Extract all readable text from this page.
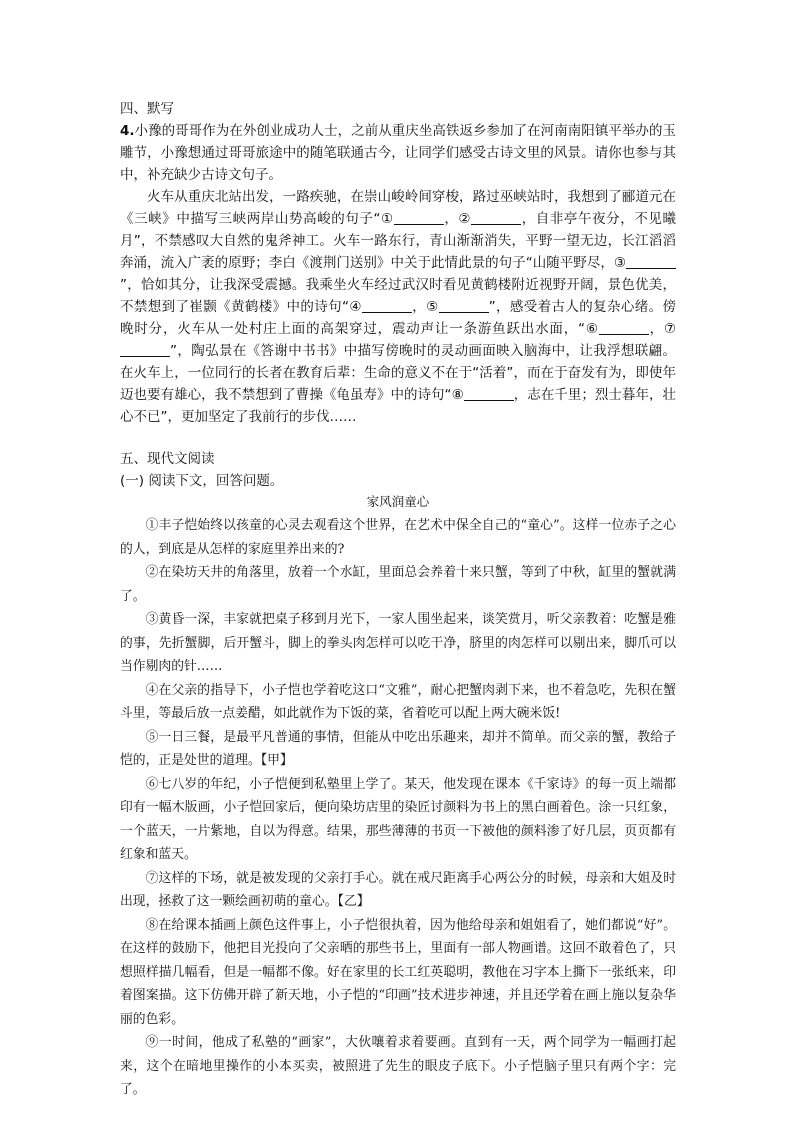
四、默写

4.小豫的哥哥作为在外创业成功人士，之前从重庆坐高铁返乡参加了在河南南阳镇平举办的玉雕节，小豫想通过哥哥旅途中的随笔联通古今，让同学们感受古诗文里的风景。请你也参与其中，补充缺少古诗文句子。

火车从重庆北站出发，一路疾驰，在崇山峻岭间穿梭，路过巫峡站时，我想到了郦道元在《三峡》中描写三峡两岸山势高峻的句子“①	，②	，自非亭午夜分，不见曦月”，不禁感叹大自然的鬼斧神工。火车一路东行，青山渐渐消失，平野一望无边，长江滔滔奔涌，流入广袤的原野；李白《渡荆门送别》中关于此情此景的句子“山随平野尽，③”，恰如其分，让我深受震撼。我乘坐火车经过武汉时看见黄鹤楼附近视野开阔，景色优美，不禁想到了崔颢《黄鹤楼》中的诗句“④	，⑤	”，感受着古人的复杂心绪。傍晚时分，火车从一处村庄上面的高架穿过，震动声让一条游鱼跃出水面，“⑥	，⑦”，陶弘景在《答谢中书书》中描写傍晚时的灵动画面映入脑海中，让我浮想联翩。在火车上，一位同行的长者在教育后辈：生命的意义不在于“活着”，而在于奋发有为，即使年迈也要有雄心，我不禁想到了曹操《龟虽寿》中的诗句“⑧	，志在千里；烈士暮年，壮心不已”，更加坚定了我前行的步伐……

五、现代文阅读
(一) 阅读下文，回答问题。
家风润童心

①丰子恺始终以孩童的心灵去观看这个世界，在艺术中保全自己的“童心”。这样一位赤子之心的人，到底是从怎样的家庭里养出来的?

②在染坊天井的角落里，放着一个水缸，里面总会养着十来只蟹，等到了中秋，缸里的蟹就满了。

③黄昏一深，丰家就把桌子移到月光下，一家人围坐起来，谈笑赏月，听父亲教着：吃蟹是雅的事，先折蟹脚，后开蟹斗，脚上的拳头肉怎样可以吃干净，脐里的肉怎样可以剔出来，脚爪可以当作剔肉的针……

④在父亲的指导下，小子恺也学着吃这口“文雅”，耐心把蟹肉剥下来，也不着急吃，先积在蟹斗里，等最后放一点姜醋，如此就作为下饭的菜，省着吃可以配上两大碗米饭!

⑤一日三餐，是最平凡普通的事情，但能从中吃出乐趣来，却并不简单。而父亲的蟹，教给子恺的，正是处世的道理。【甲】

⑥七八岁的年纪，小子恺便到私塾里上学了。某天，他发现在课本《千家诗》的每一页上端都印有一幅木版画，小子恺回家后，便向染坊店里的染匠讨颜料为书上的黑白画着色。涂一只红象，一个蓝天，一片紫地，自以为得意。结果，那些薄薄的书页一下被他的颜料渗了好几层，页页都有红象和蓝天。

⑦这样的下场，就是被发现的父亲打手心。就在戒尺距离手心两公分的时候，母亲和大姐及时出现，拯救了这一颗绘画初萌的童心。【乙】

⑧在给课本插画上颜色这件事上，小子恺很执着，因为他给母亲和姐姐看了，她们都说“好”。在这样的鼓励下，他把目光投向了父亲晒的那些书上，里面有一部人物画谱。这回不敢着色了，只想照样描几幅看，但是一幅都不像。好在家里的长工红英聪明，教他在习字本上撕下一张纸来，印着图案描。这下仿佛开辟了新天地，小子恺的“印画”技术进步神速，并且还学着在画上施以复杂华丽的色彩。

⑨一时间，他成了私塾的“画家”，大伙嚷着求着要画。直到有一天，两个同学为一幅画打起来，这个在暗地里操作的小本买卖，被照进了先生的眼皮子底下。小子恺脑子里只有两个字：完了。
